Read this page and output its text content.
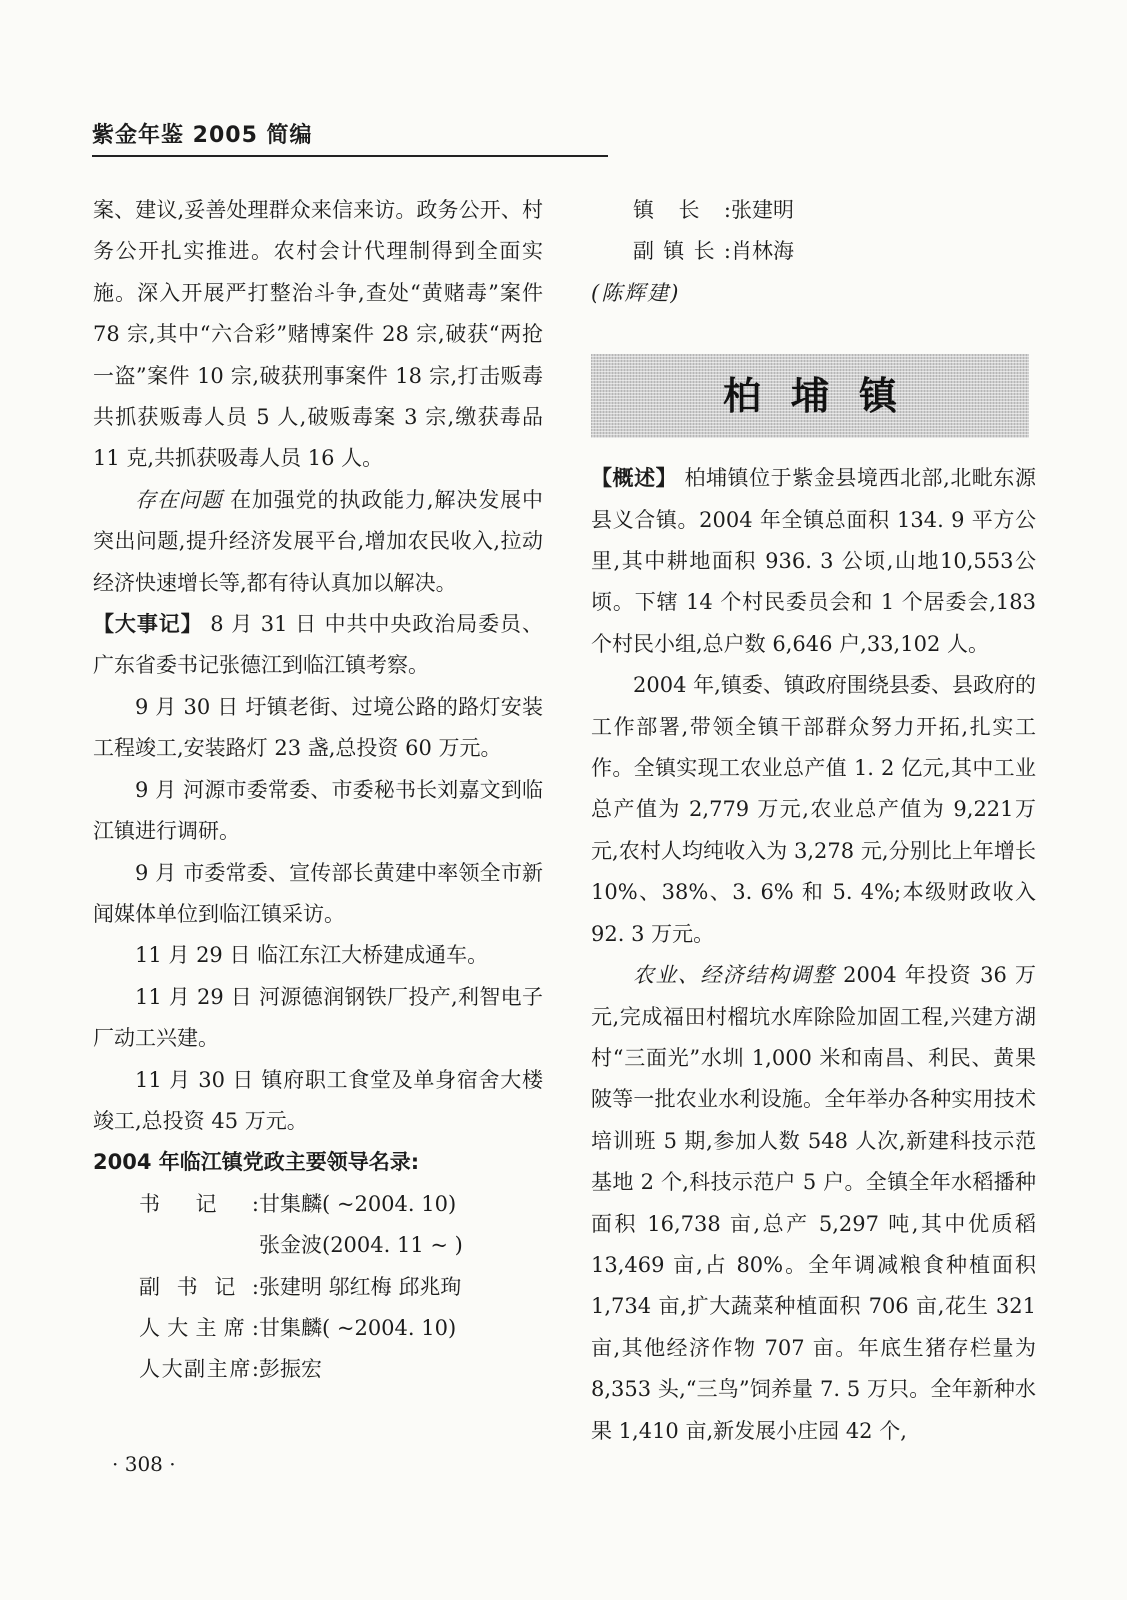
紫金年鉴 2005 简编

案、建议,妥善处理群众来信来访。政务公开、村务公开扎实推进。农村会计代理制得到全面实施。深入开展严打整治斗争,查处“黄赌毒”案件 78 宗,其中“六合彩”赌博案件 28 宗,破获“两抢一盗”案件 10 宗,破获刑事案件 18 宗,打击贩毒共抓获贩毒人员 5 人,破贩毒案 3 宗,缴获毒品 11 克,共抓获吸毒人员 16 人。

存在问题 在加强党的执政能力,解决发展中突出问题,提升经济发展平台,增加农民收入,拉动经济快速增长等,都有待认真加以解决。

【大事记】 8 月 31 日 中共中央政治局委员、广东省委书记张德江到临江镇考察。

9 月 30 日 圩镇老街、过境公路的路灯安装工程竣工,安装路灯 23 盏,总投资 60 万元。

9 月 河源市委常委、市委秘书长刘嘉文到临江镇进行调研。

9 月 市委常委、宣传部长黄建中率领全市新闻媒体单位到临江镇采访。

11 月 29 日 临江东江大桥建成通车。

11 月 29 日 河源德润钢铁厂投产,利智电子厂动工兴建。

11 月 30 日 镇府职工食堂及单身宿舍大楼竣工,总投资 45 万元。

2004 年临江镇党政主要领导名录:

书记: 甘集麟( ~2004. 10)
张金波(2004. 11 ~ )
副书记: 张建明 邬红梅 邱兆珣
人大主席: 甘集麟( ~2004. 10)
人大副主席: 彭振宏
镇长: 张建明
副镇长: 肖林海

(陈辉建)

柏埔镇

【概述】 柏埔镇位于紫金县境西北部,北毗东源县义合镇。2004 年全镇总面积 134. 9 平方公里,其中耕地面积 936. 3 公顷,山地10,553公顷。下辖 14 个村民委员会和 1 个居委会,183 个村民小组,总户数 6,646 户,33,102 人。

2004 年,镇委、镇政府围绕县委、县政府的工作部署,带领全镇干部群众努力开拓,扎实工作。全镇实现工农业总产值 1. 2 亿元,其中工业总产值为 2,779 万元,农业总产值为 9,221万元,农村人均纯收入为 3,278 元,分别比上年增长 10%、38%、3. 6% 和 5. 4%;本级财政收入 92. 3 万元。

农业、经济结构调整 2004 年投资 36 万元,完成福田村榴坑水库除险加固工程,兴建方湖村“三面光”水圳 1,000 米和南昌、利民、黄果陂等一批农业水利设施。全年举办各种实用技术培训班 5 期,参加人数 548 人次,新建科技示范基地 2 个,科技示范户 5 户。全镇全年水稻播种面积 16,738 亩,总产 5,297 吨,其中优质稻 13,469 亩,占 80%。全年调减粮食种植面积 1,734 亩,扩大蔬菜种植面积 706 亩,花生 321 亩,其他经济作物 707 亩。年底生猪存栏量为 8,353 头,“三鸟”饲养量 7. 5 万只。全年新种水果 1,410 亩,新发展小庄园 42 个,

· 308 ·
